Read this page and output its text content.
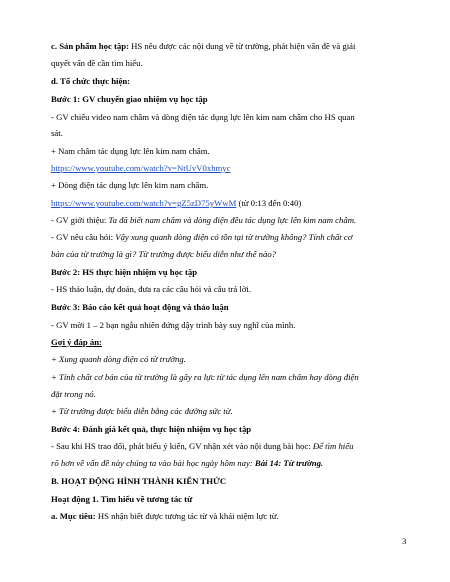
c. Sản phẩm học tập: HS nêu được các nội dung về từ trường, phát hiện vấn đề và giải
quyết vấn đề cần tìm hiểu.
d. Tổ chức thực hiện:
Bước 1: GV chuyển giao nhiệm vụ học tập
- GV chiếu video nam châm và dòng điện tác dụng lực lên kim nam châm cho HS quan
sát.
+ Nam châm tác dụng lực lên kim nam châm.
https://www.youtube.com/watch?v=NtUvV0xhmyc
+ Dòng điện tác dụng lực lên kim nam châm.
https://www.youtube.com/watch?v=gZ5zD75yWwM (từ 0:13 đến 0:40)
- GV giới thiệu: Ta đã biết nam châm và dòng điện đều tác dụng lực lên kim nam châm.
- GV nêu câu hỏi: Vậy xung quanh dòng điện có tồn tại từ trường không? Tính chất cơ
bản của từ trường là gì? Từ trường được biểu diễn như thế nào?
Bước 2: HS thực hiện nhiệm vụ học tập
- HS thảo luận, dự đoán, đưa ra các câu hỏi và câu trả lời.
Bước 3: Báo cáo kết quả hoạt động và thảo luận
- GV mời 1 – 2 bạn ngẫu nhiên đứng dậy trình bày suy nghĩ của mình.
Gợi ý đáp án:
+ Xung quanh dòng điện có từ trường.
+ Tính chất cơ bản của từ trường là gây ra lực từ tác dụng lên nam châm hay dòng điện
đặt trong nó.
+ Từ trường được biểu diễn bằng các đường sức từ.
Bước 4: Đánh giá kết quả, thực hiện nhiệm vụ học tập
- Sau khi HS trao đổi, phát biểu ý kiến, GV nhận xét vào nội dung bài học: Để tìm hiểu
rõ hơn về vấn đề này chúng ta vào bài học ngày hôm nay: Bài 14: Từ trường.
B. HOẠT ĐỘNG HÌNH THÀNH KIẾN THỨC
Hoạt động 1. Tìm hiểu về tương tác từ
a. Mục tiêu: HS nhận biết được tương tác từ và khái niệm lực từ.
3
